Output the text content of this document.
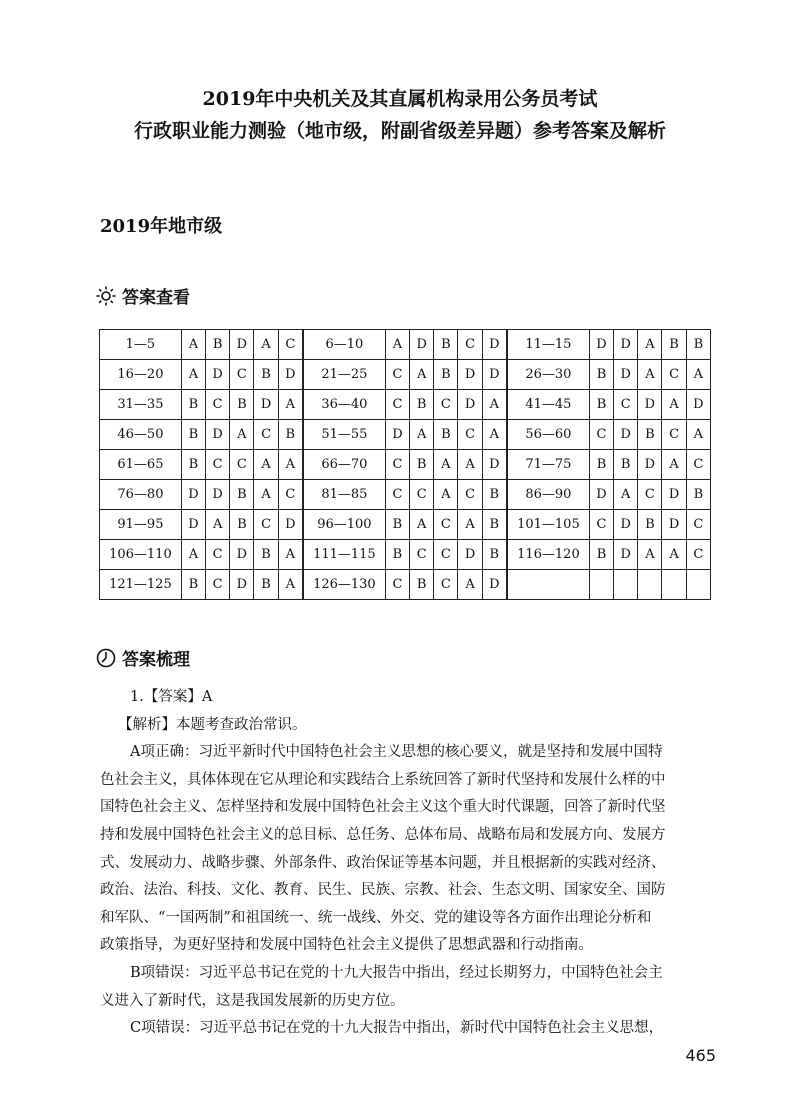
2019年中央机关及其直属机构录用公务员考试
行政职业能力测验（地市级，附副省级差异题）参考答案及解析
2019年地市级
答案查看
1—5	A	B	D	A	C	6—10	A	D	B	C	D	11—15	D	D	A	B	B
16—20	A	D	C	B	D	21—25	C	A	B	D	D	26—30	B	D	A	C	A
31—35	B	C	B	D	A	36—40	C	B	C	D	A	41—45	B	C	D	A	D
46—50	B	D	A	C	B	51—55	D	A	B	C	A	56—60	C	D	B	C	A
61—65	B	C	C	A	A	66—70	C	B	A	A	D	71—75	B	B	D	A	C
76—80	D	D	B	A	C	81—85	C	C	A	C	B	86—90	D	A	C	D	B
91—95	D	A	B	C	D	96—100	B	A	C	A	B	101—105	C	D	B	D	C
106—110	A	C	D	B	A	111—115	B	C	C	D	B	116—120	B	D	A	A	C
121—125	B	C	D	B	A	126—130	C	B	C	A	D						
答案梳理
1.【答案】A
【解析】本题考查政治常识。
A项正确：习近平新时代中国特色社会主义思想的核心要义，就是坚持和发展中国特
色社会主义，具体体现在它从理论和实践结合上系统回答了新时代坚持和发展什么样的中
国特色社会主义、怎样坚持和发展中国特色社会主义这个重大时代课题，回答了新时代坚
持和发展中国特色社会主义的总目标、总任务、总体布局、战略布局和发展方向、发展方
式、发展动力、战略步骤、外部条件、政治保证等基本问题，并且根据新的实践对经济、
政治、法治、科技、文化、教育、民生、民族、宗教、社会、生态文明、国家安全、国防
和军队、“一国两制”和祖国统一、统一战线、外交、党的建设等各方面作出理论分析和
政策指导，为更好坚持和发展中国特色社会主义提供了思想武器和行动指南。
B项错误：习近平总书记在党的十九大报告中指出，经过长期努力，中国特色社会主
义进入了新时代，这是我国发展新的历史方位。
C项错误：习近平总书记在党的十九大报告中指出，新时代中国特色社会主义思想，
465
